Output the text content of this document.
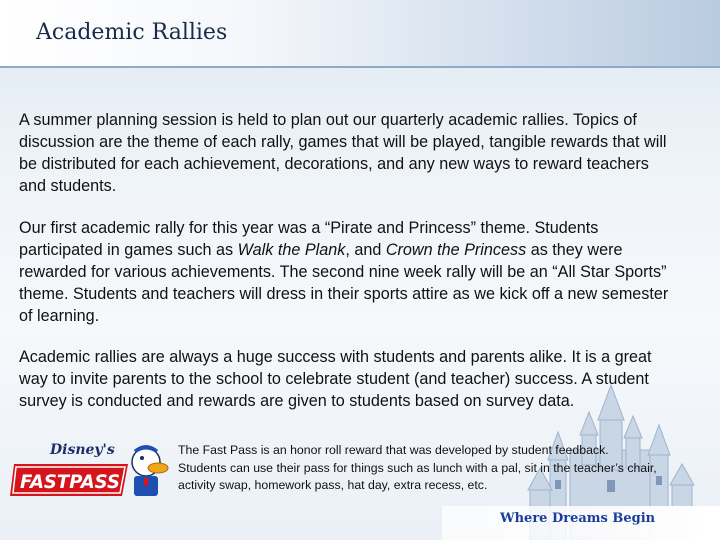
Academic Rallies

A summer planning session is held to plan out our quarterly academic rallies. Topics of discussion are the theme of each rally, games that will be played, tangible rewards that will be distributed for each achievement, decorations, and any new ways to reward teachers and students.

Our first academic rally for this year was a “Pirate and Princess” theme. Students participated in games such as Walk the Plank, and Crown the Princess as they were rewarded for various achievements. The second nine week rally will be an “All Star Sports” theme. Students and teachers will dress in their sports attire as we kick off a new semester of learning.

Academic rallies are always a huge success with students and parents alike. It is a great way to invite parents to the school to celebrate student (and teacher) success. A student survey is conducted and rewards are given to students based on survey data.

Disney's
FASTPASS

The Fast Pass is an honor roll reward that was developed by student feedback. Students can use their pass for things such as lunch with a pal, sit in the teacher’s chair, activity swap, homework pass, hat day, extra recess, etc.

Where Dreams Begin
